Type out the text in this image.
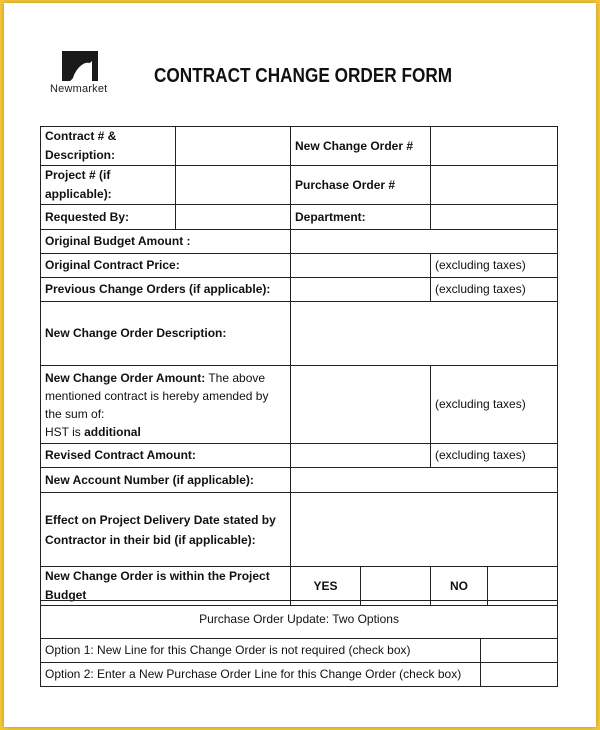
Newmarket
CONTRACT CHANGE ORDER FORM
Contract # & Description:		New Change Order #			
Project # (if applicable):		Purchase Order #			
Requested By:		Department:			
Original Budget Amount :					
Original Contract Price:				(excluding taxes)	
Previous Change Orders (if applicable):				(excluding taxes)	
New Change Order Description:					
New Change Order Amount: The above mentioned contract is hereby amended by the sum of:
HST is additional				(excluding taxes)	
Revised Contract Amount:				(excluding taxes)	
New Account Number (if applicable):					
Effect on Project Delivery Date stated by Contractor in their bid (if applicable):					
New Change Order is within the Project Budget		YES		NO	
Purchase Order Update: Two Options	
Option 1: New Line for this Change Order is not required (check box)	
Option 2: Enter a New Purchase Order Line for this Change Order (check box)	
